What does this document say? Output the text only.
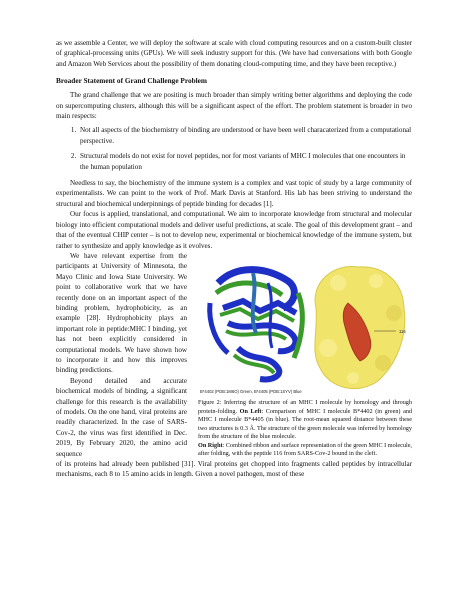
as we assemble a Center, we will deploy the software at scale with cloud computing resources and on a custom-built cluster of graphical-processing units (GPUs). We will seek industry support for this. (We have had conversations with both Google and Amazon Web Services about the possibility of them donating cloud-computing time, and they have been receptive.)

Broader Statement of Grand Challenge Problem

The grand challenge that we are positing is much broader than simply writing better algorithms and deploying the code on supercomputing clusters, although this will be a significant aspect of the effort. The problem statement is broader in two main respects:

1. Not all aspects of the biochemistry of binding are understood or have been well characaterized from a computational perspective.
2. Structural models do not exist for novel peptides, nor for most variants of MHC I molecules that one encounters in the human population

Needless to say, the biochemistry of the immune system is a complex and vast topic of study by a large community of experimentalists. We can point to the work of Prof. Mark Davis at Stanford. His lab has been striving to understand the structural and biochemical underpinnings of peptide binding for decades [1].

Our focus is applied, translational, and computational. We aim to incorporate knowledge from structural and molecular biology into efficient computational models and deliver useful predictions, at scale. The goal of this development grant – and that of the eventual CHIP center – is not to develop new, experimental or biochemical knowledge of the immune system, but rather to synthesize and apply knowledge as it evolves.

We have relevant expertise from the participants at University of Minnesota, the Mayo Clinic and Iowa State University. We point to collaborative work that we have recently done on an important aspect of the binding problem, hydrophobicity, as an example [28]. Hydrophobicity plays an important role in peptide:MHC I binding, yet has not been explicitly considered in computational models. We have shown how to incorporate it and how this improves binding predictions.

Beyond detailed and accurate biochemical models of binding, a significant challenge for this research is the availability of models. On the one hand, viral proteins are readily characterized. In the case of SARS-Cov-2, the virus was first identified in Dec. 2019, By February 2020, the amino acid sequence

B*4402 (PDB:1M6O) Green, B*4405 (PDB:1SYV) Blue
116

Figure 2: Inferring the structure of an MHC I molecule by homology and through protein-folding. On Left: Comparison of MHC I molecule B*4402 (in green) and MHC I molecule B*4405 (in blue). The root-mean squared distance between these two structures is 0.3 Å. The structure of the green molecule was inferred by homology from the structure of the blue molecule.
On Right: Combined ribbon and surface representation of the green MHC I molecule, after folding, with the peptide 116 from SARS-Cov-2 bound in the cleft.

of its proteins had already been published [31]. Viral proteins get chopped into fragments called peptides by intracellular mechanisms, each 8 to 15 amino acids in length. Given a novel pathogen, most of these
